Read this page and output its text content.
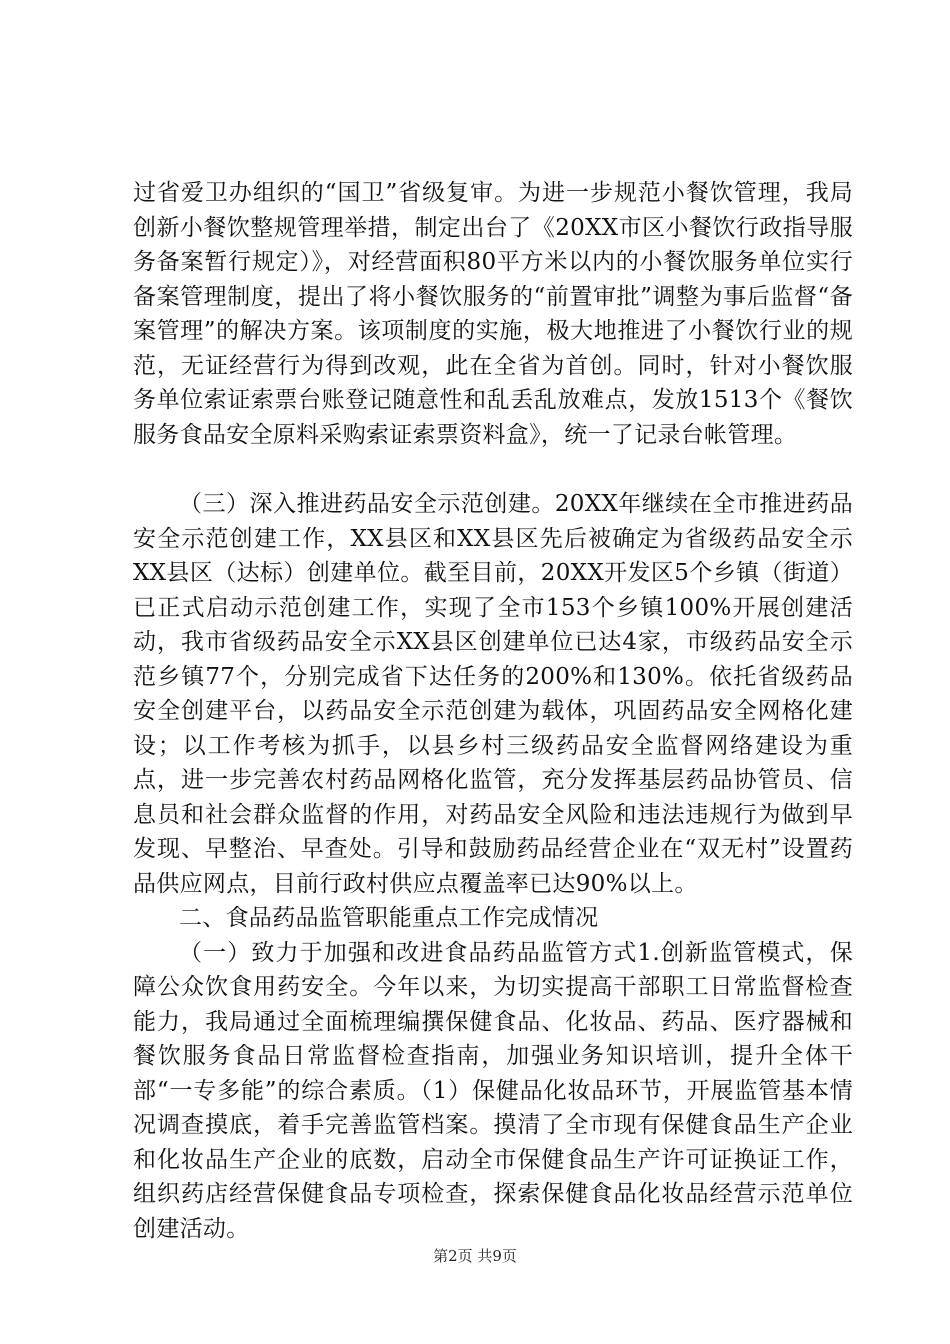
过省爱卫办组织的“国卫”省级复审。为进一步规范小餐饮管理，我局创新小餐饮整规管理举措，制定出台了《20XX市区小餐饮行政指导服务备案暂行规定）》，对经营面积80平方米以内的小餐饮服务单位实行备案管理制度，提出了将小餐饮服务的“前置审批”调整为事后监督“备案管理”的解决方案。该项制度的实施，极大地推进了小餐饮行业的规范，无证经营行为得到改观，此在全省为首创。同时，针对小餐饮服务单位索证索票台账登记随意性和乱丢乱放难点，发放1513个《餐饮服务食品安全原料采购索证索票资料盒》，统一了记录台帐管理。

（三）深入推进药品安全示范创建。20XX年继续在全市推进药品安全示范创建工作，XX县区和XX县区先后被确定为省级药品安全示XX县区（达标）创建单位。截至目前，20XX开发区5个乡镇（街道）已正式启动示范创建工作，实现了全市153个乡镇100%开展创建活动，我市省级药品安全示XX县区创建单位已达4家，市级药品安全示范乡镇77个，分别完成省下达任务的200%和130%。依托省级药品安全创建平台，以药品安全示范创建为载体，巩固药品安全网格化建设；以工作考核为抓手，以县乡村三级药品安全监督网络建设为重点，进一步完善农村药品网格化监管，充分发挥基层药品协管员、信息员和社会群众监督的作用，对药品安全风险和违法违规行为做到早发现、早整治、早查处。引导和鼓励药品经营企业在“双无村”设置药品供应网点，目前行政村供应点覆盖率已达90%以上。

二、食品药品监管职能重点工作完成情况

（一）致力于加强和改进食品药品监管方式1.创新监管模式，保障公众饮食用药安全。今年以来，为切实提高干部职工日常监督检查能力，我局通过全面梳理编撰保健食品、化妆品、药品、医疗器械和餐饮服务食品日常监督检查指南，加强业务知识培训，提升全体干部“一专多能”的综合素质。（1）保健品化妆品环节，开展监管基本情况调查摸底，着手完善监管档案。摸清了全市现有保健食品生产企业和化妆品生产企业的底数，启动全市保健食品生产许可证换证工作，组织药店经营保健食品专项检查，探索保健食品化妆品经营示范单位创建活动。

第2页 共9页
